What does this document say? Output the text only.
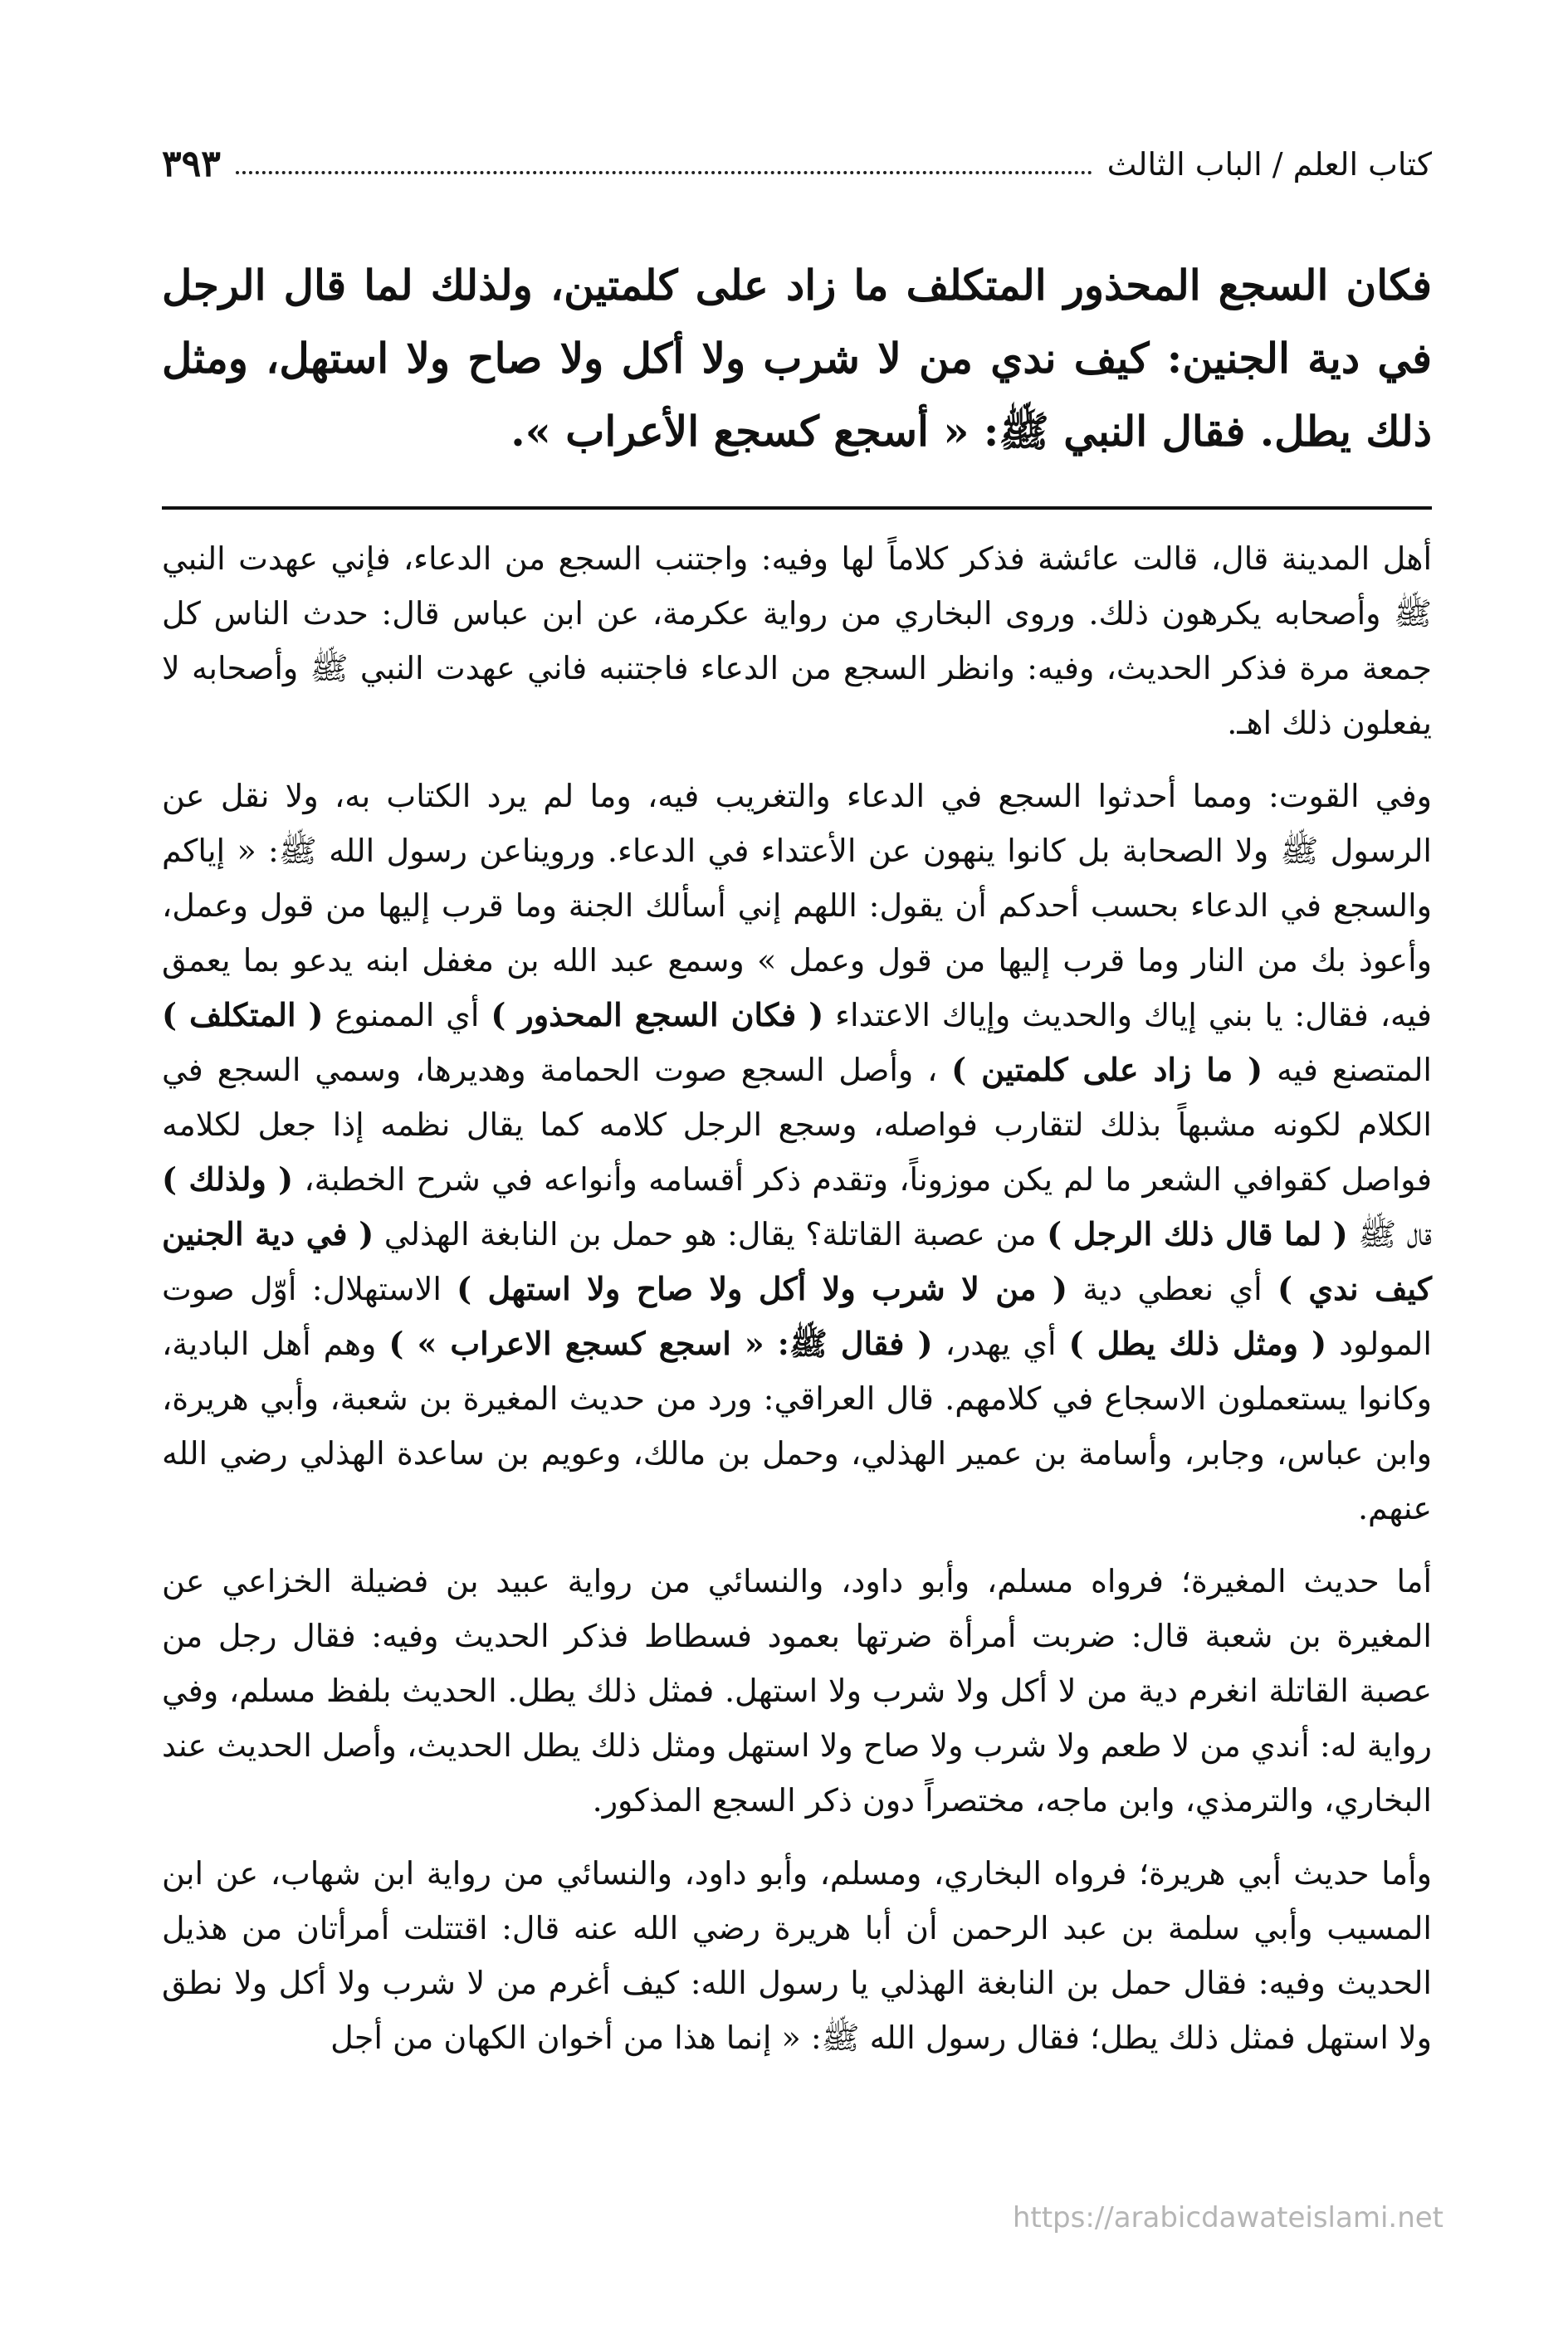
كتاب العلم / الباب الثالث
٣٩٣

فكان السجع المحذور المتكلف ما زاد على كلمتين، ولذلك لما قال الرجل في دية الجنين: كيف ندي من لا شرب ولا أكل ولا صاح ولا استهل، ومثل ذلك يطل. فقال النبي ﷺ: « أسجع كسجع الأعراب ».

أهل المدينة قال، قالت عائشة فذكر كلاماً لها وفيه: واجتنب السجع من الدعاء، فإني عهدت النبي ﷺ وأصحابه يكرهون ذلك. وروى البخاري من رواية عكرمة، عن ابن عباس قال: حدث الناس كل جمعة مرة فذكر الحديث، وفيه: وانظر السجع من الدعاء فاجتنبه فاني عهدت النبي ﷺ وأصحابه لا يفعلون ذلك اهـ.

وفي القوت: ومما أحدثوا السجع في الدعاء والتغريب فيه، وما لم يرد الكتاب به، ولا نقل عن الرسول ﷺ ولا الصحابة بل كانوا ينهون عن الأعتداء في الدعاء. ورويناعن رسول الله ﷺ: « إياكم والسجع في الدعاء بحسب أحدكم أن يقول: اللهم إني أسألك الجنة وما قرب إليها من قول وعمل، وأعوذ بك من النار وما قرب إليها من قول وعمل » وسمع عبد الله بن مغفل ابنه يدعو بما يعمق فيه، فقال: يا بني إياك والحديث وإياك الاعتداء ( فكان السجع المحذور ) أي الممنوع ( المتكلف ) المتصنع فيه ( ما زاد على كلمتين ) ، وأصل السجع صوت الحمامة وهديرها، وسمي السجع في الكلام لكونه مشبهاً بذلك لتقارب فواصله، وسجع الرجل كلامه كما يقال نظمه إذا جعل لكلامه فواصل كقوافي الشعر ما لم يكن موزوناً، وتقدم ذكر أقسامه وأنواعه في شرح الخطبة، ( ولذلك ) قال ﷺ ( لما قال ذلك الرجل ) من عصبة القاتلة؟ يقال: هو حمل بن النابغة الهذلي ( في دية الجنين كيف ندي ) أي نعطي دية ( من لا شرب ولا أكل ولا صاح ولا استهل ) الاستهلال: أوّل صوت المولود ( ومثل ذلك يطل ) أي يهدر، ( فقال ﷺ: « اسجع كسجع الاعراب » ) وهم أهل البادية، وكانوا يستعملون الاسجاع في كلامهم. قال العراقي: ورد من حديث المغيرة بن شعبة، وأبي هريرة، وابن عباس، وجابر، وأسامة بن عمير الهذلي، وحمل بن مالك، وعويم بن ساعدة الهذلي رضي الله عنهم.

أما حديث المغيرة؛ فرواه مسلم، وأبو داود، والنسائي من رواية عبيد بن فضيلة الخزاعي عن المغيرة بن شعبة قال: ضربت أمرأة ضرتها بعمود فسطاط فذكر الحديث وفيه: فقال رجل من عصبة القاتلة انغرم دية من لا أكل ولا شرب ولا استهل. فمثل ذلك يطل. الحديث بلفظ مسلم، وفي رواية له: أندي من لا طعم ولا شرب ولا صاح ولا استهل ومثل ذلك يطل الحديث، وأصل الحديث عند البخاري، والترمذي، وابن ماجه، مختصراً دون ذكر السجع المذكور.

وأما حديث أبي هريرة؛ فرواه البخاري، ومسلم، وأبو داود، والنسائي من رواية ابن شهاب، عن ابن المسيب وأبي سلمة بن عبد الرحمن أن أبا هريرة رضي الله عنه قال: اقتتلت أمرأتان من هذيل الحديث وفيه: فقال حمل بن النابغة الهذلي يا رسول الله: كيف أغرم من لا شرب ولا أكل ولا نطق ولا استهل فمثل ذلك يطل؛ فقال رسول الله ﷺ: « إنما هذا من أخوان الكهان من أجل

https://arabicdawateislami.net
